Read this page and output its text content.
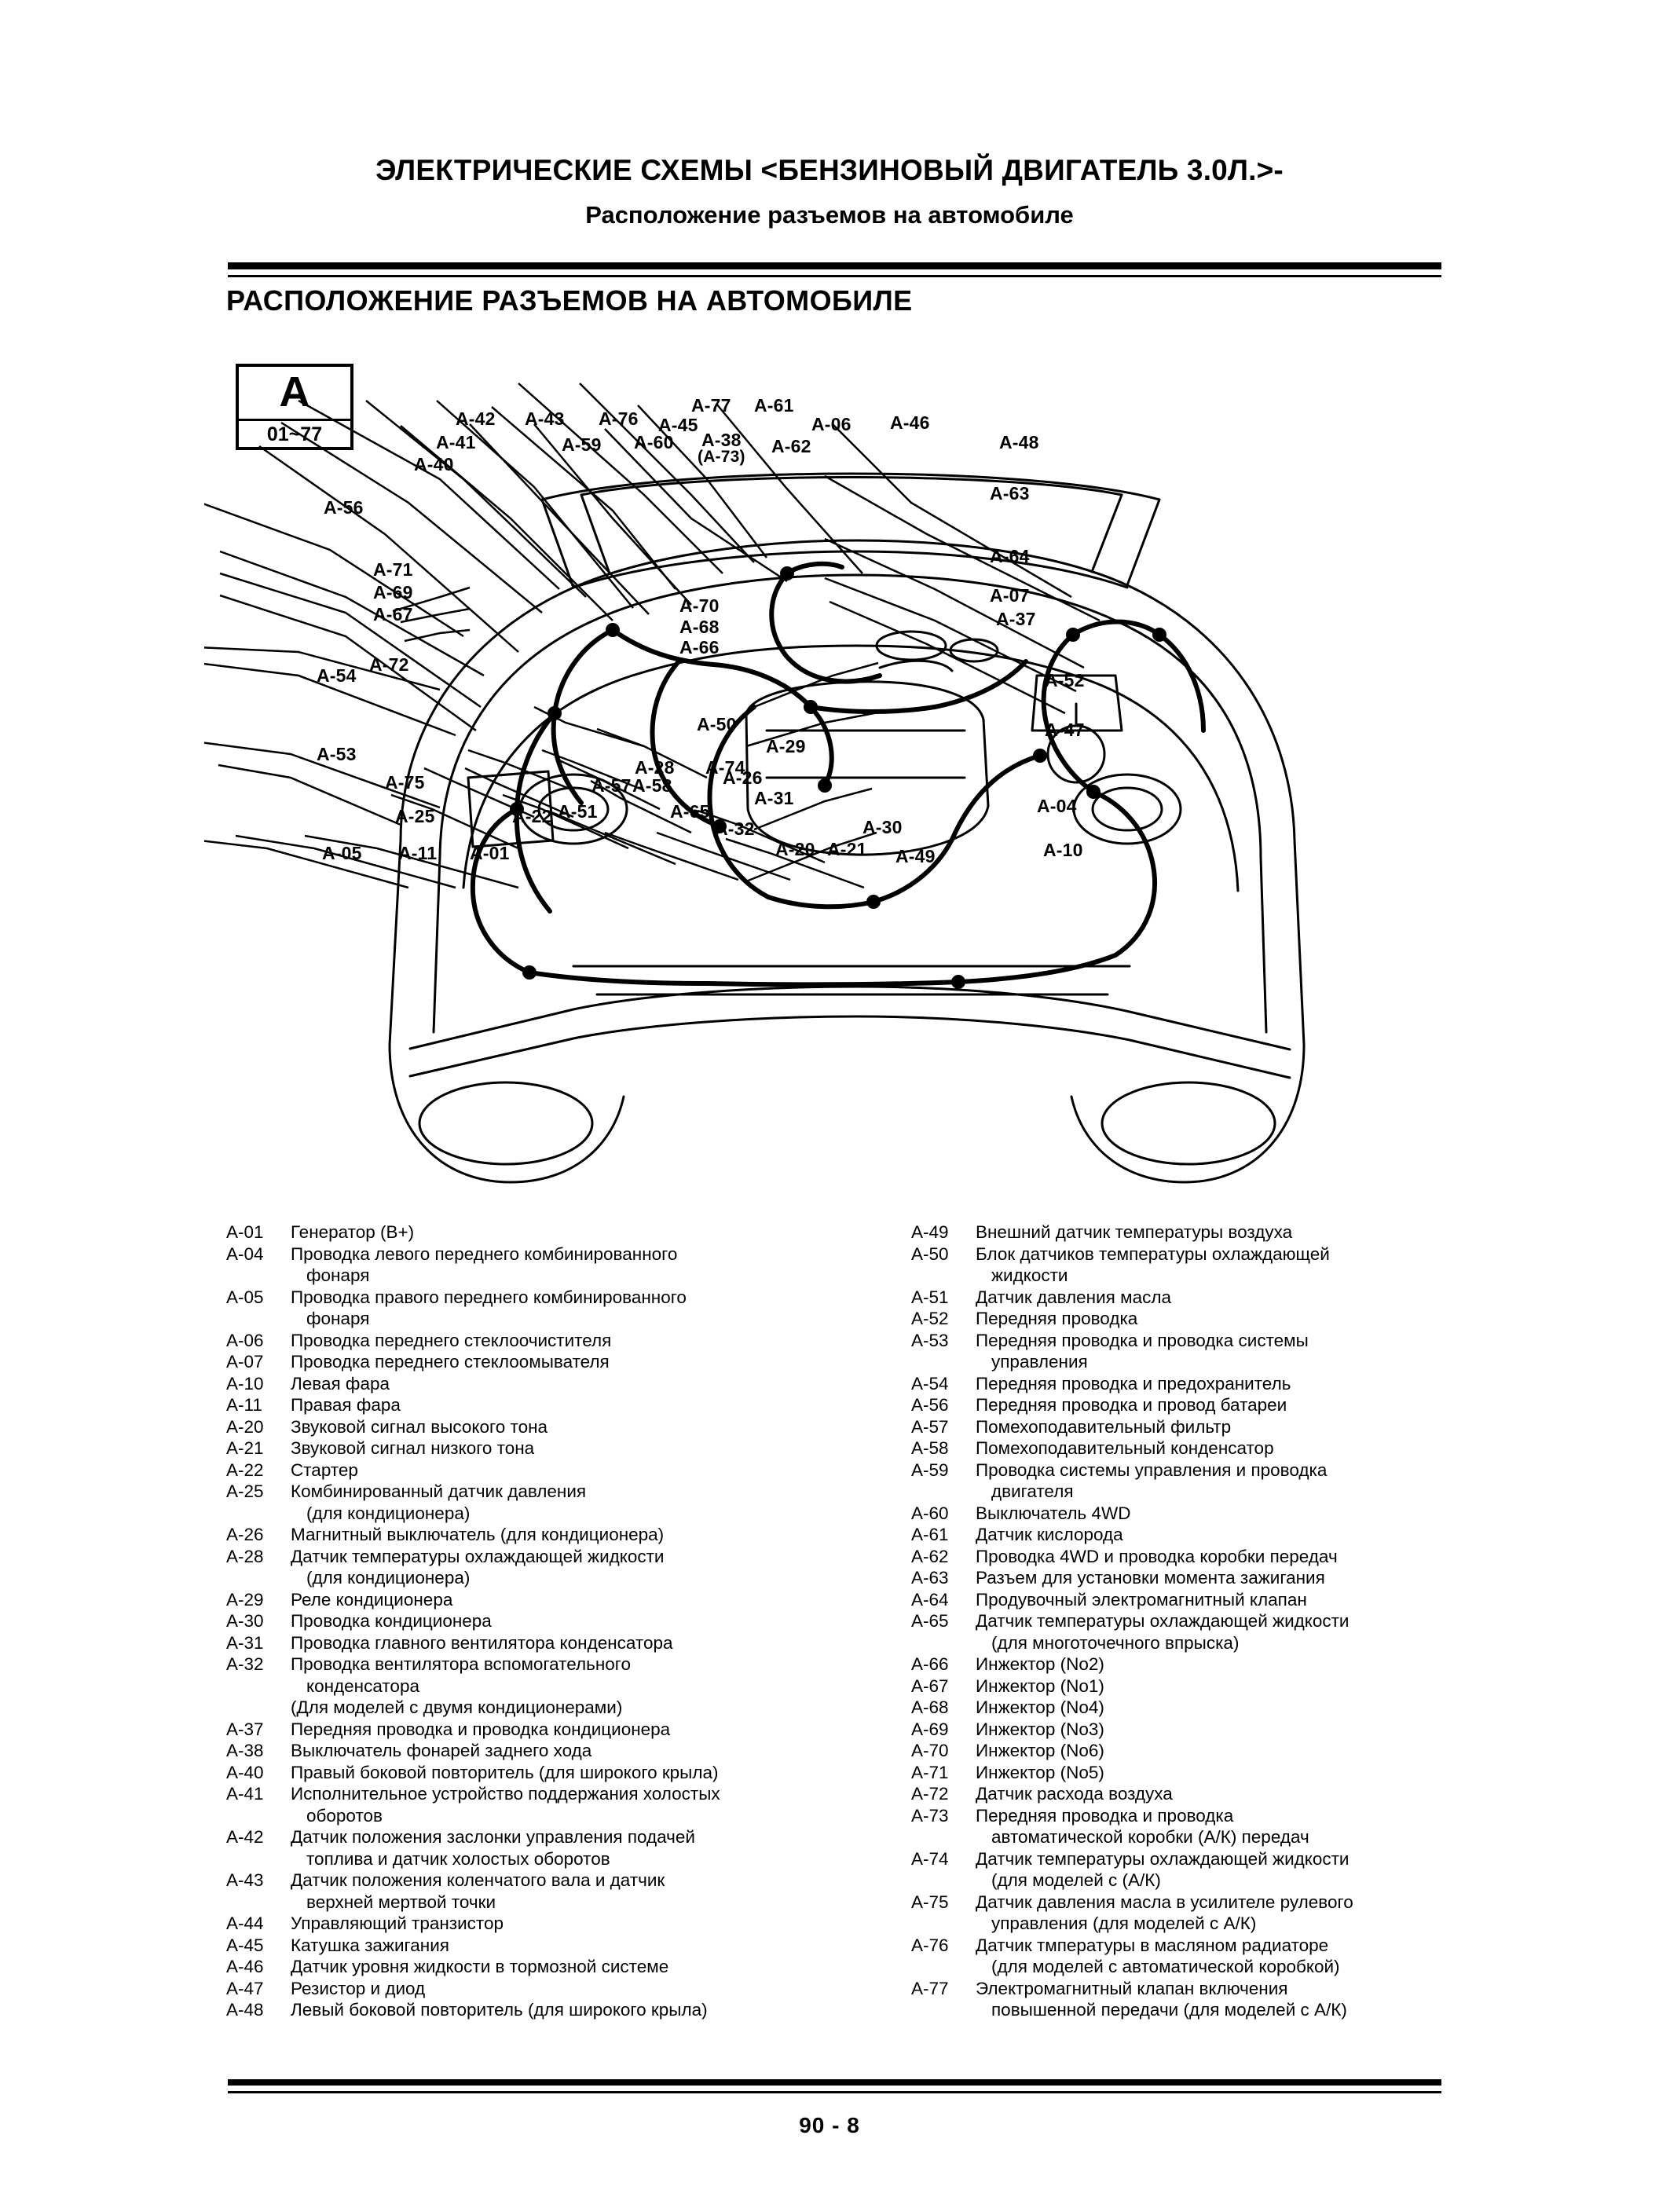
ЭЛЕКТРИЧЕСКИЕ СХЕМЫ <БЕНЗИНОВЫЙ ДВИГАТЕЛЬ 3.0Л.>-
Расположение разъемов на автомобиле
РАСПОЛОЖЕНИЕ РАЗЪЕМОВ НА АВТОМОБИЛЕ
A
01~77
A-42 A-43 A-76
A-77 A-61
A-45	A-06 A-46
A-41	A-59 A-60 A-38
(A-73)
A-62	A-48
A-40
A-56
A-63
A-64
A-71
A-69
A-67	A-70	A-07
A-68	A-37
A-66
A-72
A-54	A-52
A-50	A-47
A-29
A-53
A-28 A-74
A-26
A-75	A-57 A-58
A-31	A-04
A-51	A-65
A-25	A-22
A-32	A-30
A-05 A-11 A-01	A-20 A-21 A-49	A-10
A-01	Генератор (В+)
A-04	Проводка левого переднего комбинированного
фонаря
A-05	Проводка правого переднего комбинированного
фонаря
A-06	Проводка переднего стеклоочистителя
A-07	Проводка переднего стеклоомывателя
A-10	Левая фара
A-11	Правая фара
A-20	Звуковой сигнал высокого тона
A-21	Звуковой сигнал низкого тона
A-22	Стартер
A-25	Комбинированный датчик давления
(для кондиционера)
A-26	Магнитный выключатель (для кондиционера)
A-28	Датчик температуры охлаждающей жидкости
(для кондиционера)
A-29	Реле кондиционера
A-30	Проводка кондиционера
A-31	Проводка главного вентилятора конденсатора
A-32	Проводка вентилятора вспомогательного
конденсатора
(Для моделей с двумя кондиционерами)
A-37	Передняя проводка и проводка кондиционера
A-38	Выключатель фонарей заднего хода
A-40	Правый боковой повторитель (для широкого крыла)
A-41	Исполнительное устройство поддержания холостых
оборотов
A-42	Датчик положения заслонки управления подачей
топлива и датчик холостых оборотов
A-43	Датчик положения коленчатого вала и датчик
верхней мертвой точки
A-44	Управляющий транзистор
A-45	Катушка зажигания
A-46	Датчик уровня жидкости в тормозной системе
A-47	Резистор и диод
A-48	Левый боковой повторитель (для широкого крыла)
A-49	Внешний датчик температуры воздуха
A-50	Блок датчиков температуры охлаждающей
жидкости
A-51	Датчик давления масла
A-52	Передняя проводка
A-53	Передняя проводка и проводка системы
управления
A-54	Передняя проводка и предохранитель
A-56	Передняя проводка и провод батареи
A-57	Помехоподавительный фильтр
A-58	Помехоподавительный конденсатор
A-59	Проводка системы управления и проводка
двигателя
A-60	Выключатель 4WD
A-61	Датчик кислорода
A-62	Проводка 4WD и проводка коробки передач
A-63	Разъем для установки момента зажигания
A-64	Продувочный электромагнитный клапан
A-65	Датчик температуры охлаждающей жидкости
(для многоточечного впрыска)
A-66	Инжектор (No2)
A-67	Инжектор (No1)
A-68	Инжектор (No4)
A-69	Инжектор (No3)
A-70	Инжектор (No6)
A-71	Инжектор (No5)
A-72	Датчик расхода воздуха
A-73	Передняя проводка и проводка
автоматической коробки (А/К) передач
A-74	Датчик температуры охлаждающей жидкости
(для моделей с (А/К)
A-75	Датчик давления масла в усилителе рулевого
управления (для моделей с А/К)
A-76	Датчик тмпературы в масляном радиаторе
(для моделей с автоматической коробкой)
A-77	Электромагнитный клапан включения
повышенной передачи (для моделей с А/К)
90 - 8
